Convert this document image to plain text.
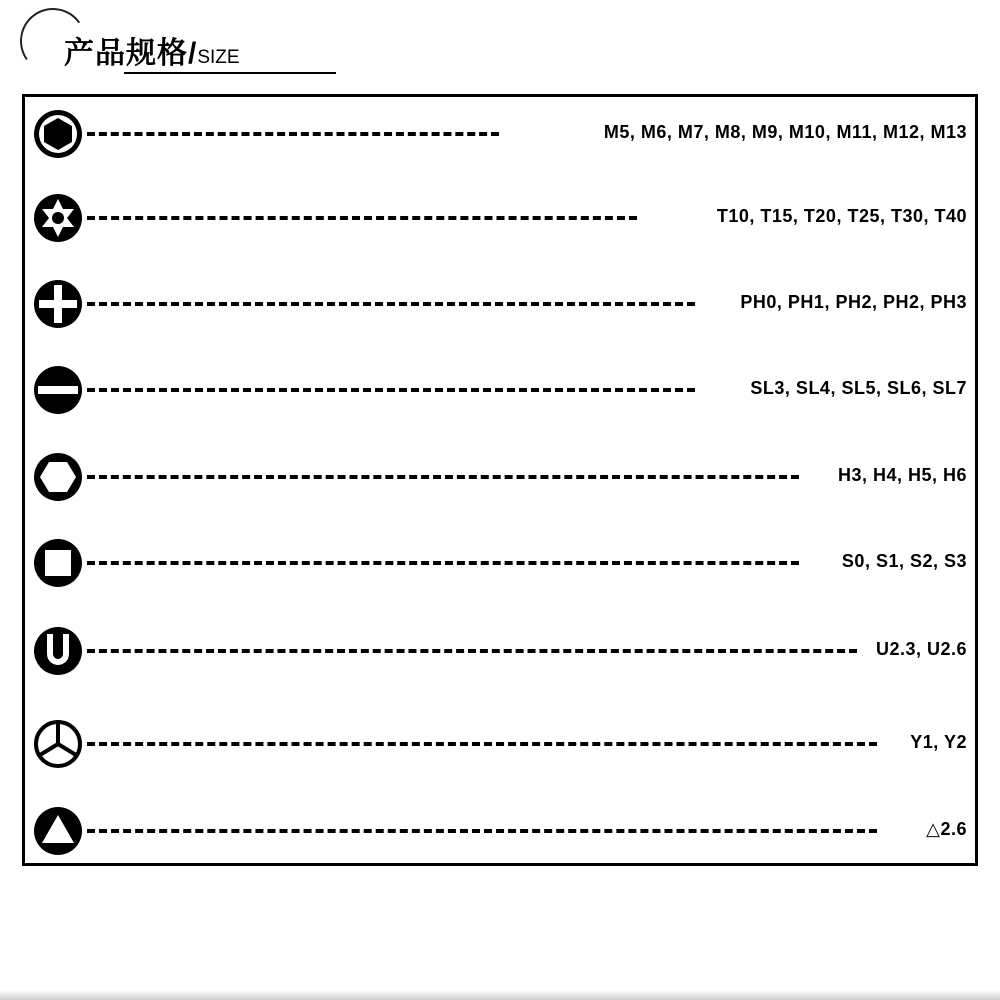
产品规格/SIZE
M5, M6, M7, M8, M9, M10, M11, M12, M13
T10, T15, T20, T25, T30, T40
PH0, PH1, PH2, PH2, PH3
SL3, SL4, SL5, SL6, SL7
H3, H4, H5, H6
S0, S1, S2, S3
U2.3, U2.6
Y1, Y2
△2.6
